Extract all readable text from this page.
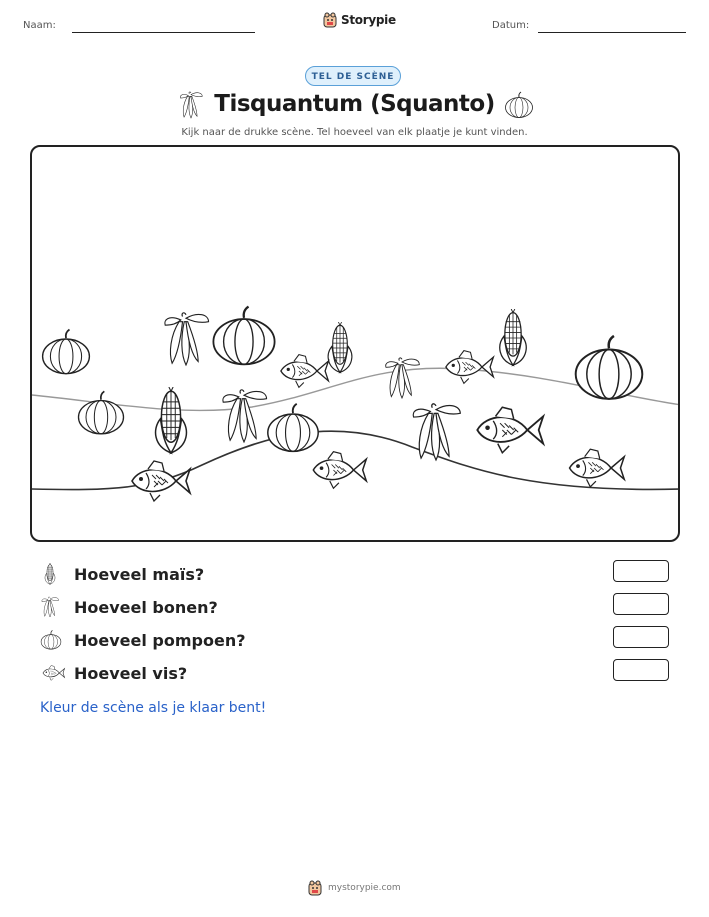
Naam:	Storypie	Datum:
TEL DE SCÈNE
Tisquantum (Squanto)
Kijk naar de drukke scène. Tel hoeveel van elk plaatje je kunt vinden.
Hoeveel maïs?
Hoeveel bonen?
Hoeveel pompoen?
Hoeveel vis?
Kleur de scène als je klaar bent!
mystorypie.com
